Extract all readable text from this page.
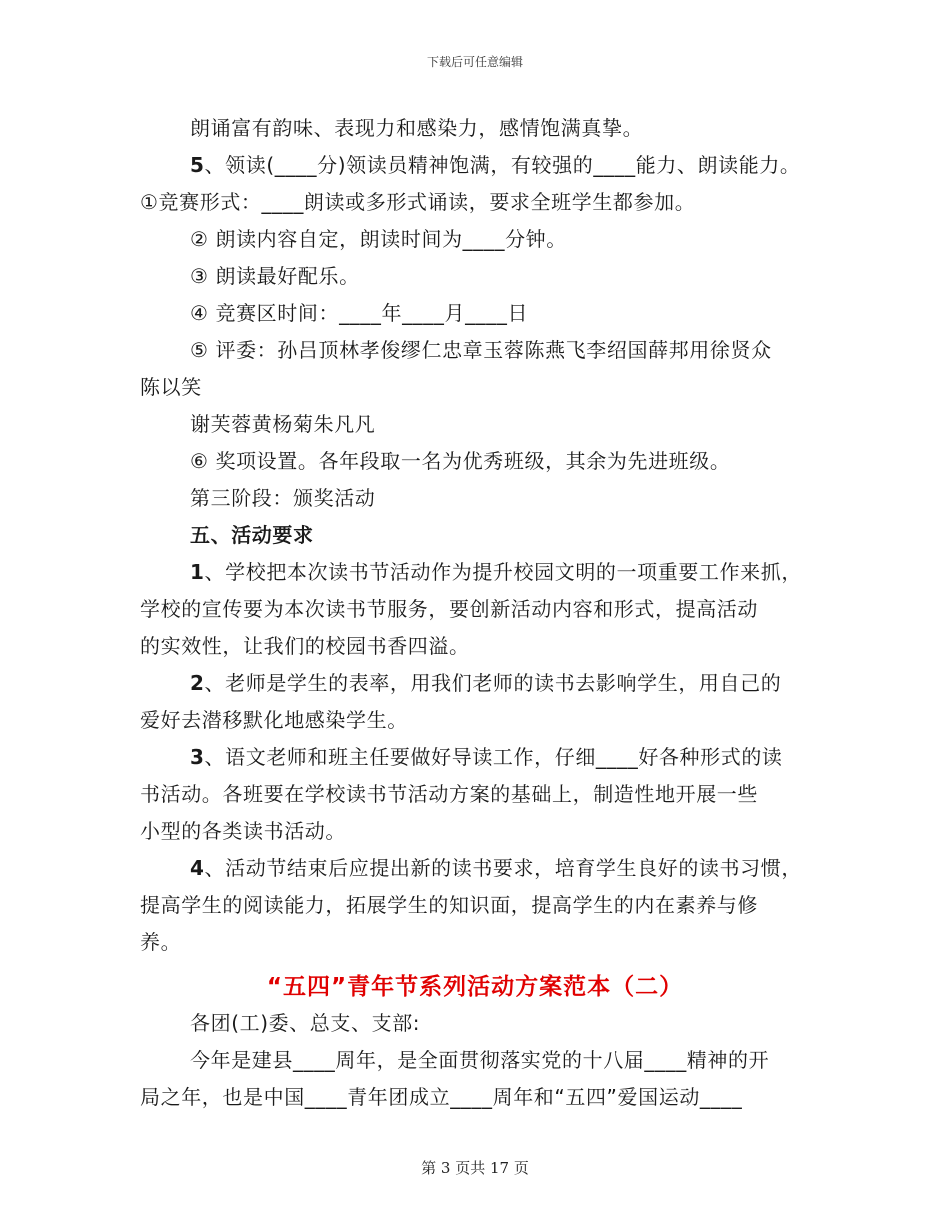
下载后可任意编辑
朗诵富有韵味、表现力和感染力，感情饱满真挚。
5、领读(____分)领读员精神饱满，有较强的____能力、朗读能力。
①竞赛形式：____朗读或多形式诵读，要求全班学生都参加。
② 朗读内容自定，朗读时间为____分钟。
③ 朗读最好配乐。
④ 竞赛区时间：____年____月____日
⑤ 评委：孙吕顶林孝俊缪仁忠章玉蓉陈燕飞李绍国薛邦用徐贤众
陈以笑
谢芙蓉黄杨菊朱凡凡
⑥ 奖项设置。各年段取一名为优秀班级，其余为先进班级。
第三阶段：颁奖活动
五、活动要求
1、学校把本次读书节活动作为提升校园文明的一项重要工作来抓，
学校的宣传要为本次读书节服务，要创新活动内容和形式，提高活动
的实效性，让我们的校园书香四溢。
2、老师是学生的表率，用我们老师的读书去影响学生，用自己的
爱好去潜移默化地感染学生。
3、语文老师和班主任要做好导读工作，仔细____好各种形式的读
书活动。各班要在学校读书节活动方案的基础上，制造性地开展一些
小型的各类读书活动。
4、活动节结束后应提出新的读书要求，培育学生良好的读书习惯，
提高学生的阅读能力，拓展学生的知识面，提高学生的内在素养与修
养。
“五四”青年节系列活动方案范本（二）
各团(工)委、总支、支部:
今年是建县____周年，是全面贯彻落实党的十八届____精神的开
局之年，也是中国____青年团成立____周年和“五四”爱国运动____
第 3 页共 17 页
